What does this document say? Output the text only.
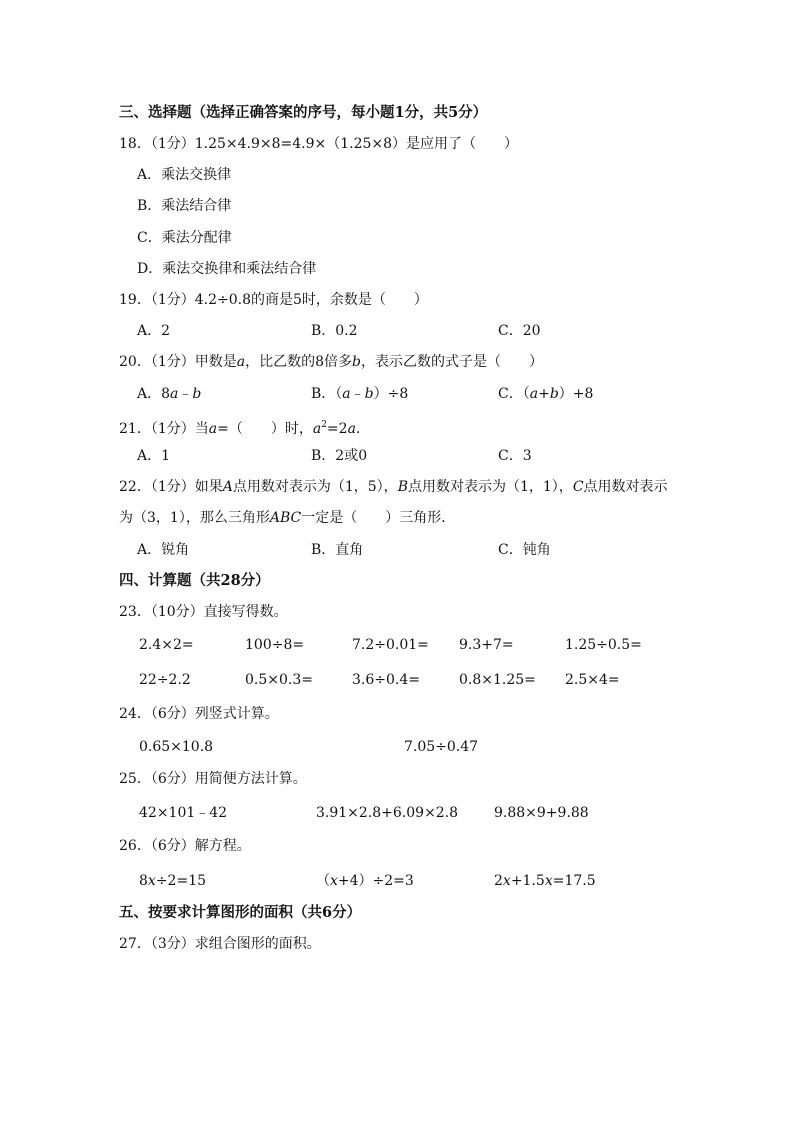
三、选择题（选择正确答案的序号，每小题1分，共5分）
18．（1分）1.25×4.9×8=4.9×（1.25×8）是应用了（　　）
A．乘法交换律
B．乘法结合律
C．乘法分配律
D．乘法交换律和乘法结合律
19．（1分）4.2÷0.8的商是5时，余数是（　　）
A．2	B．0.2	C．20
20．（1分）甲数是a，比乙数的8倍多b，表示乙数的式子是（　　）
A．8a﹣b	B．（a﹣b）÷8	C．（a+b）+8
21．（1分）当a=（　　）时，$a^2=2a$.
A．1	B．2或0	C．3
22．（1分）如果A点用数对表示为（1，5），B点用数对表示为（1，1），C点用数对表示
为（3，1），那么三角形ABC一定是（　　）三角形．
A．锐角	B．直角	C．钝角
四、计算题（共28分）
23．（10分）直接写得数。
2.4×2=	100÷8=	7.2÷0.01= 9.3+7=	1.25÷0.5=
22÷2.2	0.5×0.3=	3.6÷0.4=	0.8×1.25= 2.5×4=
24．（6分）列竖式计算。
0.65×10.8	7.05÷0.47
25．（6分）用简便方法计算。
42×101﹣42	3.91×2.8+6.09×2.8	9.88×9+9.88
26．（6分）解方程。
8x÷2=15	（x+4）÷2=3	2x+1.5x=17.5
五、按要求计算图形的面积（共6分）
27．（3分）求组合图形的面积。
